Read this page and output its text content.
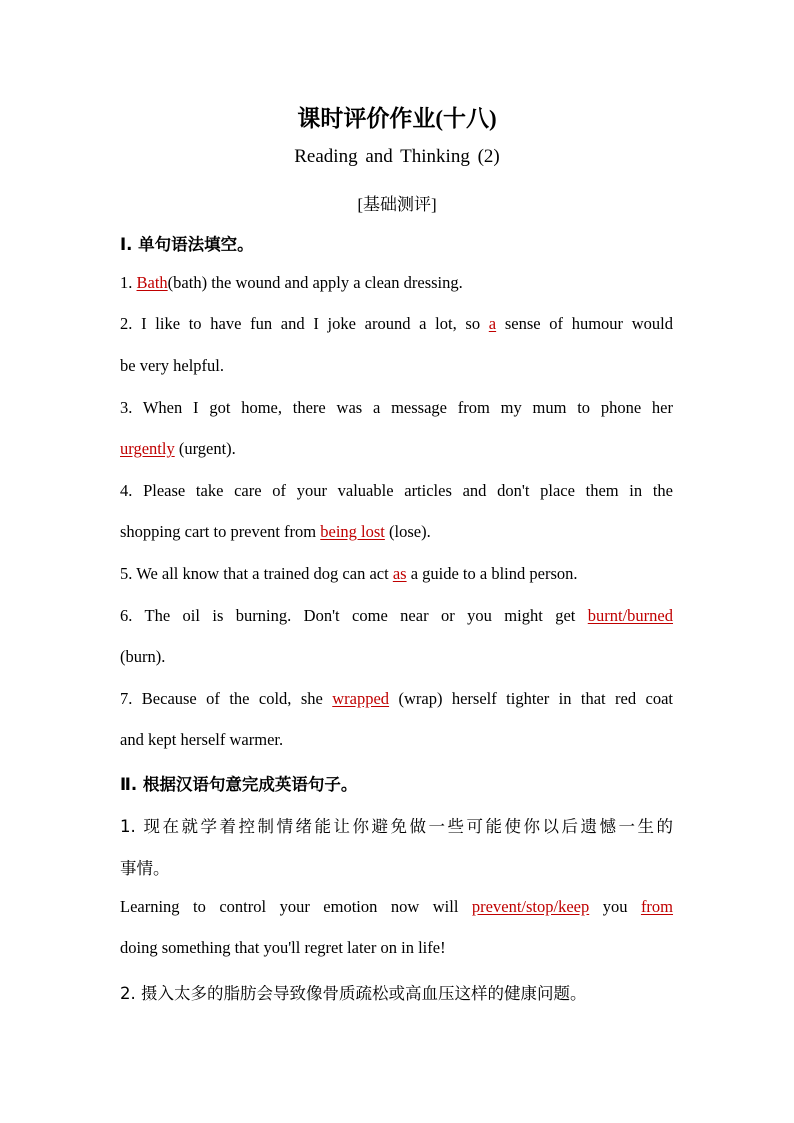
课时评价作业(十八)
Reading and Thinking (2)
[基础测评]
Ⅰ. 单句语法填空。
1. Bath(bath) the wound and apply a clean dressing.
2. I like to have fun and I joke around a lot, so a sense of humour would
be very helpful.
3. When I got home, there was a message from my mum to phone her
urgently (urgent).
4. Please take care of your valuable articles and don't place them in the
shopping cart to prevent from being lost (lose).
5. We all know that a trained dog can act as a guide to a blind person.
6. The oil is burning. Don't come near or you might get burnt/burned
(burn).
7. Because of the cold, she wrapped (wrap) herself tighter in that red coat
and kept herself warmer.
Ⅱ. 根据汉语句意完成英语句子。
1. 现在就学着控制情绪能让你避免做一些可能使你以后遗憾一生的
事情。
Learning to control your emotion now will prevent/stop/keep you from
doing something that you'll regret later on in life!
2. 摄入太多的脂肪会导致像骨质疏松或高血压这样的健康问题。
